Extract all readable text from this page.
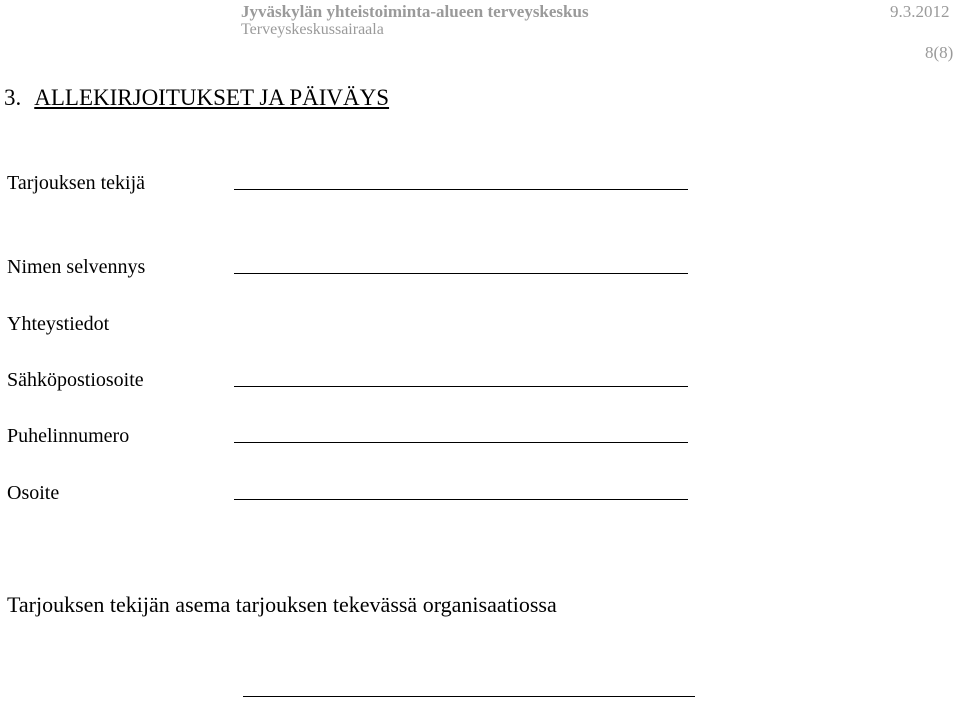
Jyväskylän yhteistoiminta-alueen terveyskeskus
Terveyskeskussairaala
9.3.2012
8(8)
3. ALLEKIRJOITUKSET JA PÄIVÄYS
Tarjouksen tekijä
Nimen selvennys
Yhteystiedot
Sähköpostiosoite
Puhelinnumero
Osoite
Tarjouksen tekijän asema tarjouksen tekevässä organisaatiossa
